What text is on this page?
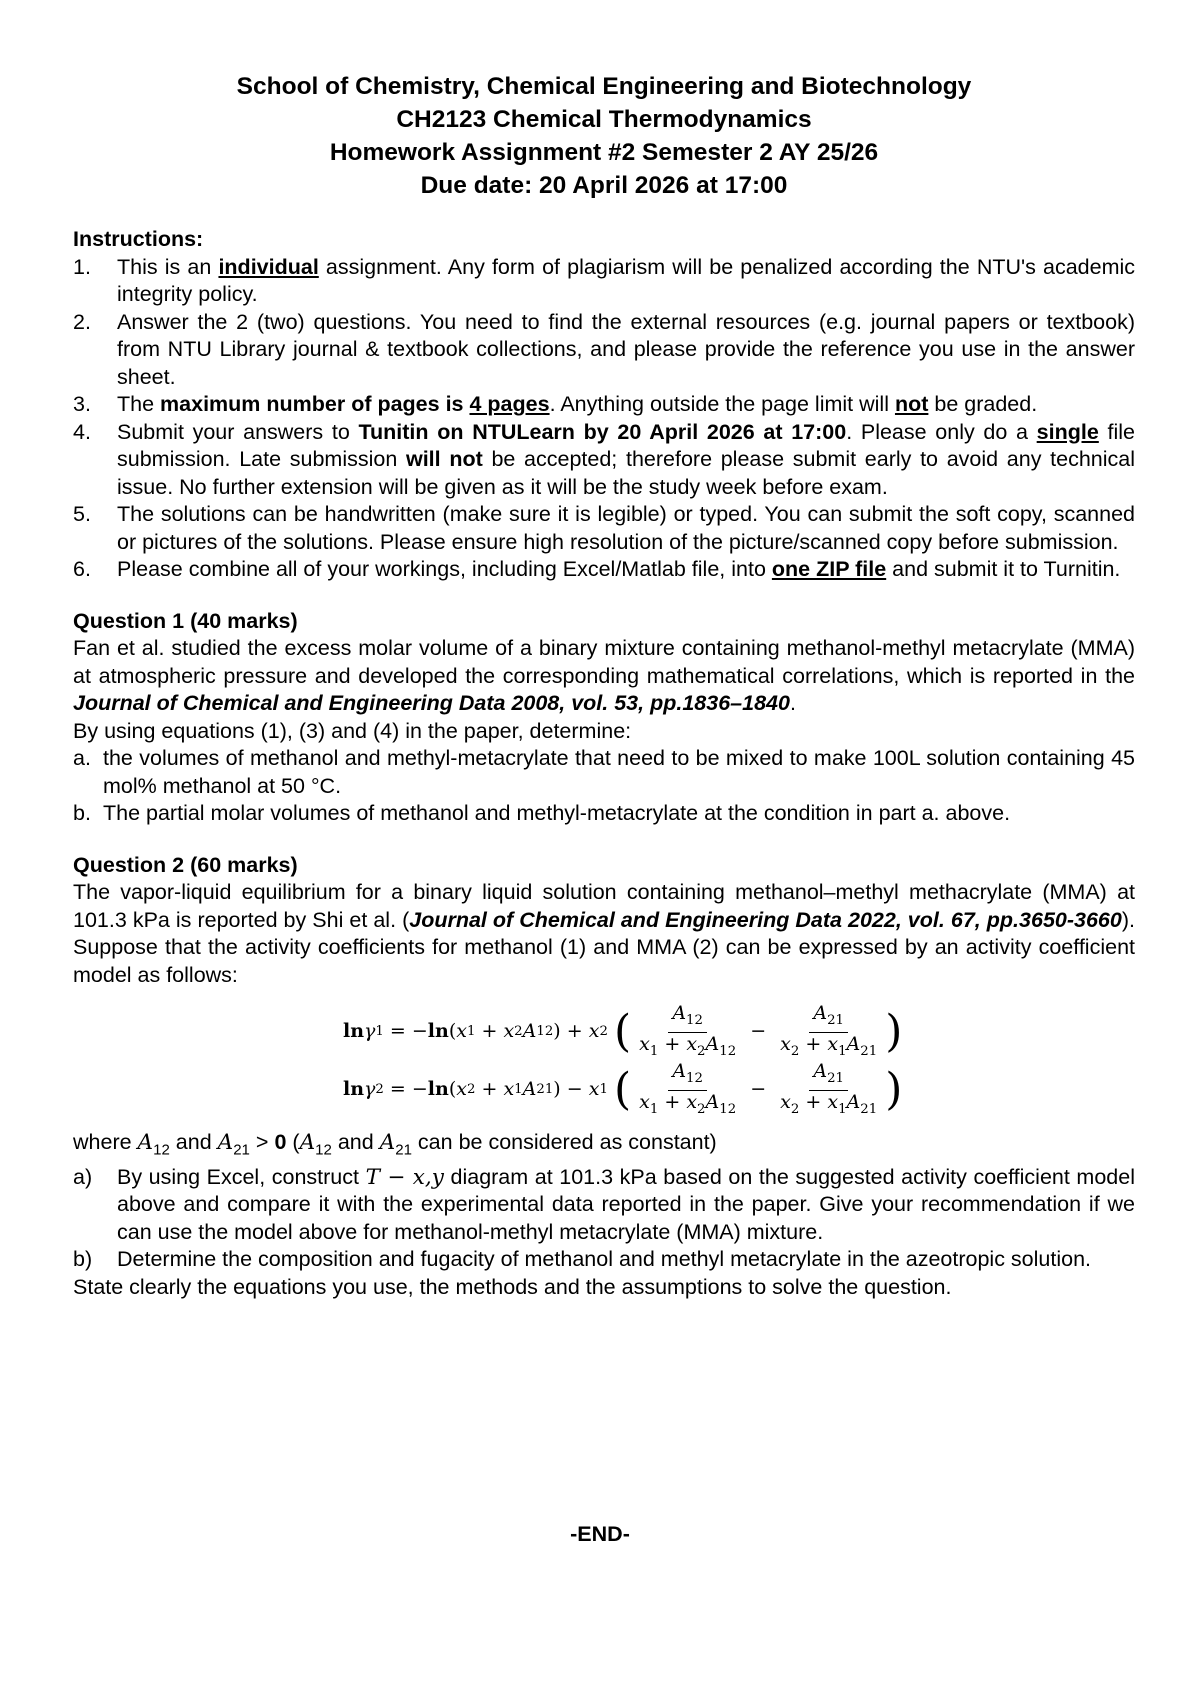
School of Chemistry, Chemical Engineering and Biotechnology

CH2123 Chemical Thermodynamics

Homework Assignment #2 Semester 2 AY 25/26

Due date: 20 April 2026 at 17:00

Instructions:

1. This is an individual assignment. Any form of plagiarism will be penalized according the NTU's academic integrity policy.
2. Answer the 2 (two) questions. You need to find the external resources (e.g. journal papers or textbook) from NTU Library journal & textbook collections, and please provide the reference you use in the answer sheet.
3. The maximum number of pages is 4 pages. Anything outside the page limit will not be graded.
4. Submit your answers to Tunitin on NTULearn by 20 April 2026 at 17:00. Please only do a single file submission. Late submission will not be accepted; therefore please submit early to avoid any technical issue. No further extension will be given as it will be the study week before exam.
5. The solutions can be handwritten (make sure it is legible) or typed. You can submit the soft copy, scanned or pictures of the solutions. Please ensure high resolution of the picture/scanned copy before submission.
6. Please combine all of your workings, including Excel/Matlab file, into one ZIP file and submit it to Turnitin.

Question 1 (40 marks)

Fan et al. studied the excess molar volume of a binary mixture containing methanol-methyl metacrylate (MMA) at atmospheric pressure and developed the corresponding mathematical correlations, which is reported in the Journal of Chemical and Engineering Data 2008, vol. 53, pp.1836–1840.

By using equations (1), (3) and (4) in the paper, determine:

a. the volumes of methanol and methyl-metacrylate that need to be mixed to make 100L solution containing 45 mol% methanol at 50 °C.
b. The partial molar volumes of methanol and methyl-metacrylate at the condition in part a. above.

Question 2 (60 marks)

The vapor-liquid equilibrium for a binary liquid solution containing methanol–methyl methacrylate (MMA) at 101.3 kPa is reported by Shi et al. (Journal of Chemical and Engineering Data 2022, vol. 67, pp.3650-3660). Suppose that the activity coefficients for methanol (1) and MMA (2) can be expressed by an activity coefficient model as follows:

ln γ 1 = − ln ( x 1 + x 2 A 12 ) + x 2
( $\frac{A_{12}}{x_1 + x_2A_{12}} - \frac{A_{21}}{x_2 + x_1A_{21}}$ )
ln γ 2 = − ln ( x 2 + x 1 A 21 ) − x 1
( $\frac{A_{12}}{x_1 + x_2A_{12}} - \frac{A_{21}}{x_2 + x_1A_{21}}$ )

where $A_{12}$ and $A_{21} > 0$ ($A_{12}$ and $A_{21}$ can be considered as constant)

a) By using Excel, construct T − x,y diagram at 101.3 kPa based on the suggested activity coefficient model above and compare it with the experimental data reported in the paper. Give your recommendation if we can use the model above for methanol-methyl metacrylate (MMA) mixture.
b) Determine the composition and fugacity of methanol and methyl metacrylate in the azeotropic solution.

State clearly the equations you use, the methods and the assumptions to solve the question.

-END-
